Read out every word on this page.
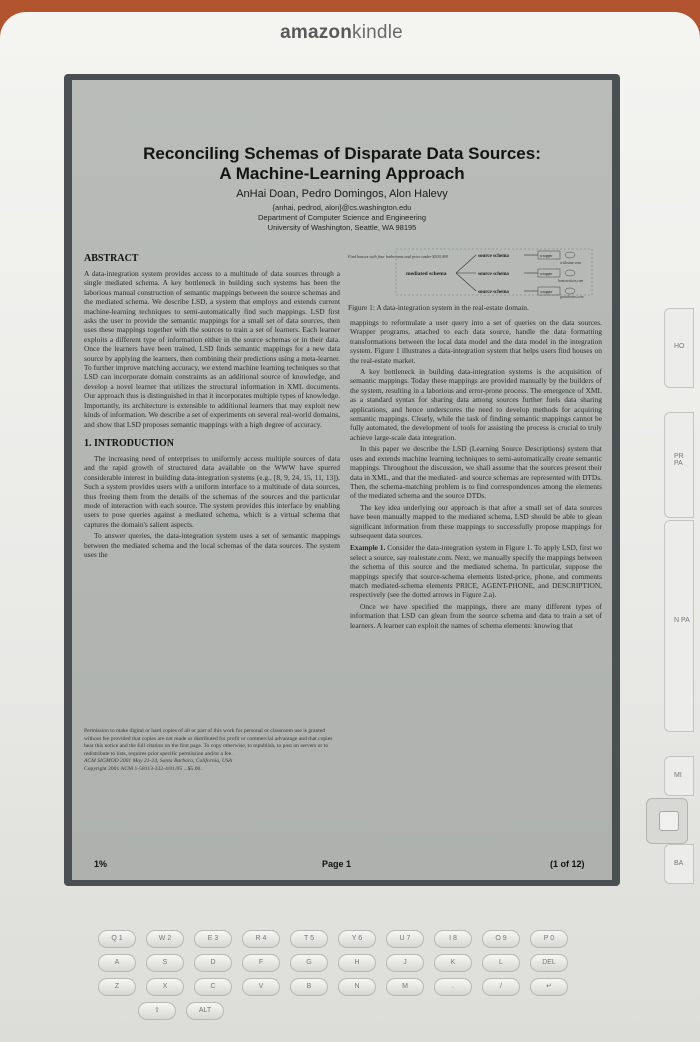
amazonkindle
HO
PR PA
N PA
MI
BA
Reconciling Schemas of Disparate Data Sources:
A Machine-Learning Approach
AnHai Doan, Pedro Domingos, Alon Halevy
{anhai, pedrod, alon}@cs.washington.edu
Department of Computer Science and Engineering
University of Washington, Seattle, WA 98195
ABSTRACT

A data-integration system provides access to a multitude of data sources through a single mediated schema. A key bottleneck in building such systems has been the laborious manual construction of semantic mappings between the source schemas and the mediated schema. We describe LSD, a system that employs and extends current machine-learning techniques to semi-automatically find such mappings. LSD first asks the user to provide the semantic mappings for a small set of data sources, then uses these mappings together with the sources to train a set of learners. Each learner exploits a different type of information either in the source schemas or in their data. Once the learners have been trained, LSD finds semantic mappings for a new data source by applying the learners, then combining their predictions using a meta-learner. To further improve matching accuracy, we extend machine learning techniques so that LSD can incorporate domain constraints as an additional source of knowledge, and develop a novel learner that utilizes the structural information in XML documents. Our approach thus is distinguished in that it incorporates multiple types of knowledge. Importantly, its architecture is extensible to additional learners that may exploit new kinds of information. We describe a set of experiments on several real-world domains, and show that LSD proposes semantic mappings with a high degree of accuracy.

1. INTRODUCTION

The increasing need of enterprises to uniformly access multiple sources of data and the rapid growth of structured data available on the WWW have spurred considerable interest in building data-integration systems (e.g., [8, 9, 24, 15, 11, 13]). Such a system provides users with a uniform interface to a multitude of data sources, thus freeing them from the details of the schemas of the sources and the particular mode of interaction with each source. The system provides this interface by enabling users to pose queries against a mediated schema, which is a virtual schema that captures the domain's salient aspects.

To answer queries, the data-integration system uses a set of semantic mappings between the mediated schema and the local schemas of the data sources. The system uses the

Permission to make digital or hard copies of all or part of this work for personal or classroom use is granted without fee provided that copies are not made or distributed for profit or commercial advantage and that copies bear this notice and the full citation on the first page. To copy otherwise, to republish, to post on servers or to redistribute to lists, requires prior specific permission and/or a fee.
ACM SIGMOD 2001 May 21-24, Santa Barbara, California, USA
Copyright 2001 ACM 1-58113-332-4/01/05 ...$5.00.
Find houses with four bathrooms and price under $500,000
mediated schema
source schema
source schema
source schema
wrapper
wrapper
wrapper
realestate.com
homeseekers.com
greathomes.com

Figure 1: A data-integration system in the real-estate domain.

mappings to reformulate a user query into a set of queries on the data sources. Wrapper programs, attached to each data source, handle the data formatting transformations between the local data model and the data model in the integration system. Figure 1 illustrates a data-integration system that helps users find houses on the real-estate market.

A key bottleneck in building data-integration systems is the acquisition of semantic mappings. Today these mappings are provided manually by the builders of the system, resulting in a laborious and error-prone process. The emergence of XML as a standard syntax for sharing data among sources further fuels data sharing applications, and hence underscores the need to develop methods for acquiring semantic mappings. Clearly, while the task of finding semantic mappings cannot be fully automated, the development of tools for assisting the process is crucial to truly achieve large-scale data integration.

In this paper we describe the LSD (Learning Source Descriptions) system that uses and extends machine learning techniques to semi-automatically create semantic mappings. Throughout the discussion, we shall assume that the sources present their data in XML, and that the mediated- and source schemas are represented with DTDs. Then, the schema-matching problem is to find correspondences among the elements of the mediated schema and the source DTDs.

The key idea underlying our approach is that after a small set of data sources have been manually mapped to the mediated schema, LSD should be able to glean significant information from these mappings to successfully propose mappings for subsequent data sources.

Example 1. Consider the data-integration system in Figure 1. To apply LSD, first we select a source, say realestate.com. Next, we manually specify the mappings between the schema of this source and the mediated schema. In particular, suppose the mappings specify that source-schema elements listed-price, phone, and comments match mediated-schema elements PRICE, AGENT-PHONE, and DESCRIPTION, respectively (see the dotted arrows in Figure 2.a).

Once we have specified the mappings, there are many different types of information that LSD can glean from the source schema and data to train a set of learners. A learner can exploit the names of schema elements: knowing that

1%	Page 1	(1 of 12)
Q 1	W 2	E 3	R 4	T 5	Y 6	U 7	I 8	O 9	P 0
A	S	D	F	G	H	J	K	L	DEL
Z	X	C	V	B	N	M	.	/	↵
⇧	ALT
